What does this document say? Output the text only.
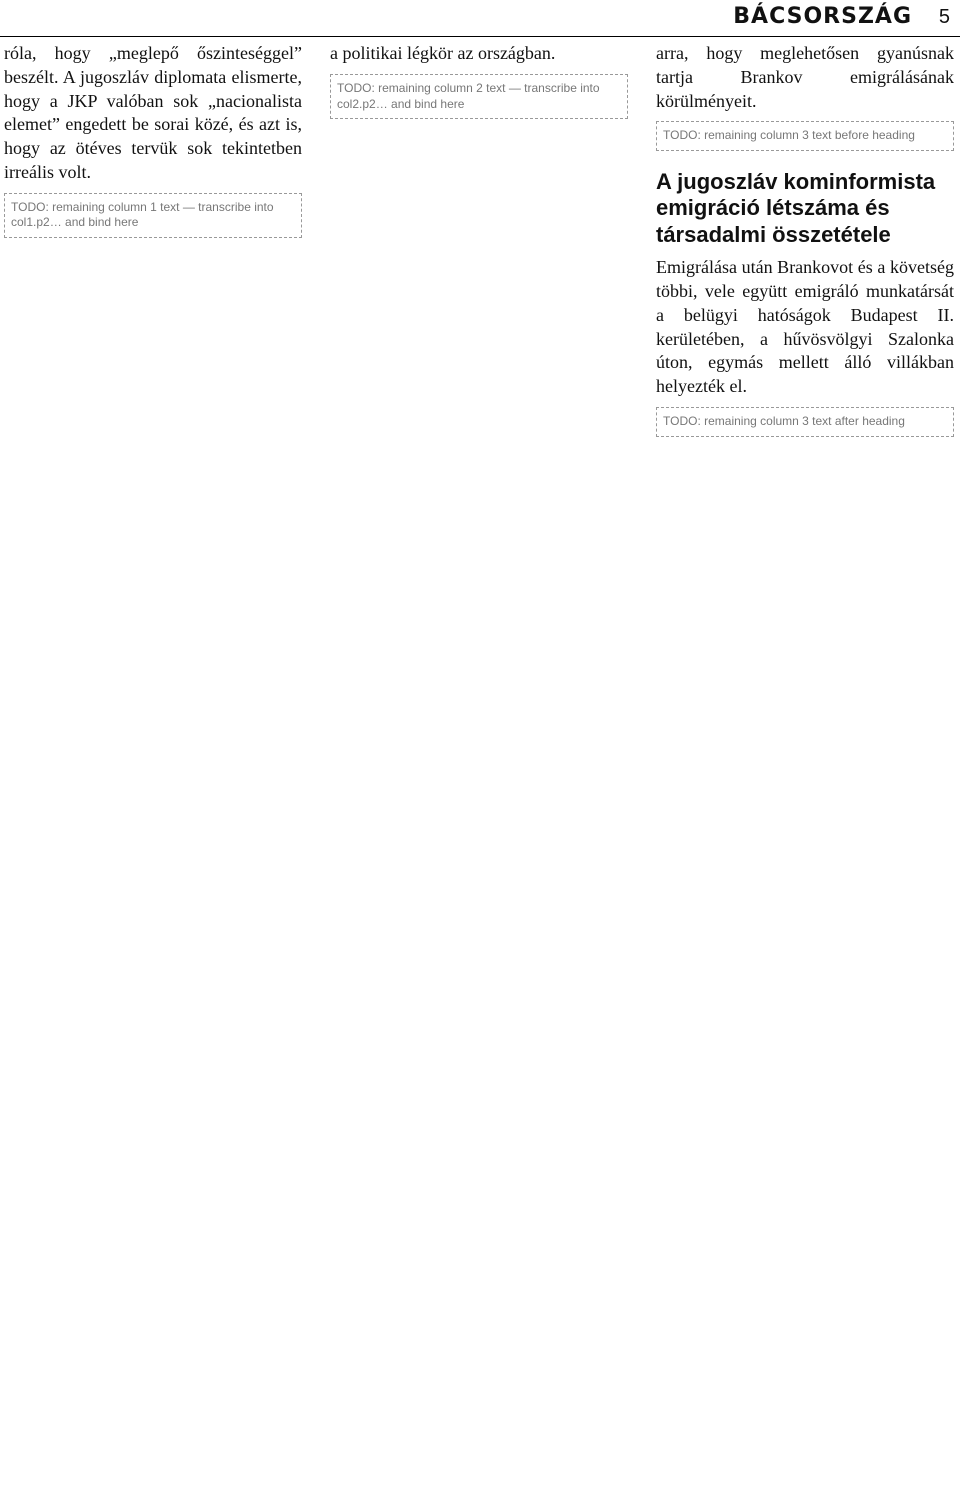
BÁCSORSZÁG 5

róla, hogy „meglepő őszinteséggel” beszélt. A jugoszláv diplomata elismerte, hogy a JKP valóban sok „nacionalista elemet” engedett be sorai közé, és azt is, hogy az ötéves tervük sok tekintetben irreális volt.

TODO: remaining column 1 text — transcribe into col1.p2… and bind here

a politikai légkör az országban.

TODO: remaining column 2 text — transcribe into col2.p2… and bind here

arra, hogy meglehetősen gyanúsnak tartja Brankov emigrálásának körülményeit.

TODO: remaining column 3 text before heading
A jugoszláv kominformista emigráció létszáma és társadalmi összetétele

Emigrálása után Brankovot és a követség többi, vele együtt emigráló munkatársát a belügyi hatóságok Budapest II. kerületében, a hűvösvölgyi Szalonka úton, egymás mellett álló villákban helyezték el.

TODO: remaining column 3 text after heading
